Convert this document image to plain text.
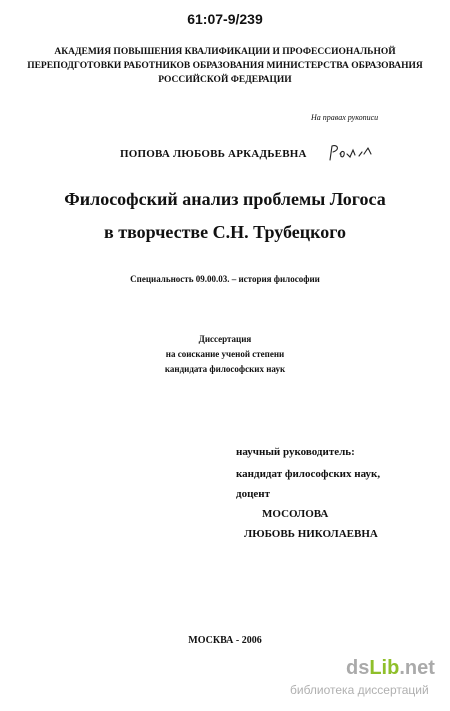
61:07-9/239
АКАДЕМИЯ ПОВЫШЕНИЯ КВАЛИФИКАЦИИ И ПРОФЕССИОНАЛЬНОЙ
ПЕРЕПОДГОТОВКИ РАБОТНИКОВ ОБРАЗОВАНИЯ МИНИСТЕРСТВА ОБРАЗОВАНИЯ
РОССИЙСКОЙ ФЕДЕРАЦИИ
На правах рукописи
ПОПОВА ЛЮБОВЬ АРКАДЬЕВНА
Философский анализ проблемы Логоса
в творчестве С.Н. Трубецкого
Специальность 09.00.03. – история философии
Диссертация
на соискание ученой степени
кандидата философских наук
научный руководитель:
кандидат философских наук,
доцент
МОСОЛОВА
ЛЮБОВЬ НИКОЛАЕВНА
МОСКВА - 2006
dsLib.net
библиотека диссертаций
